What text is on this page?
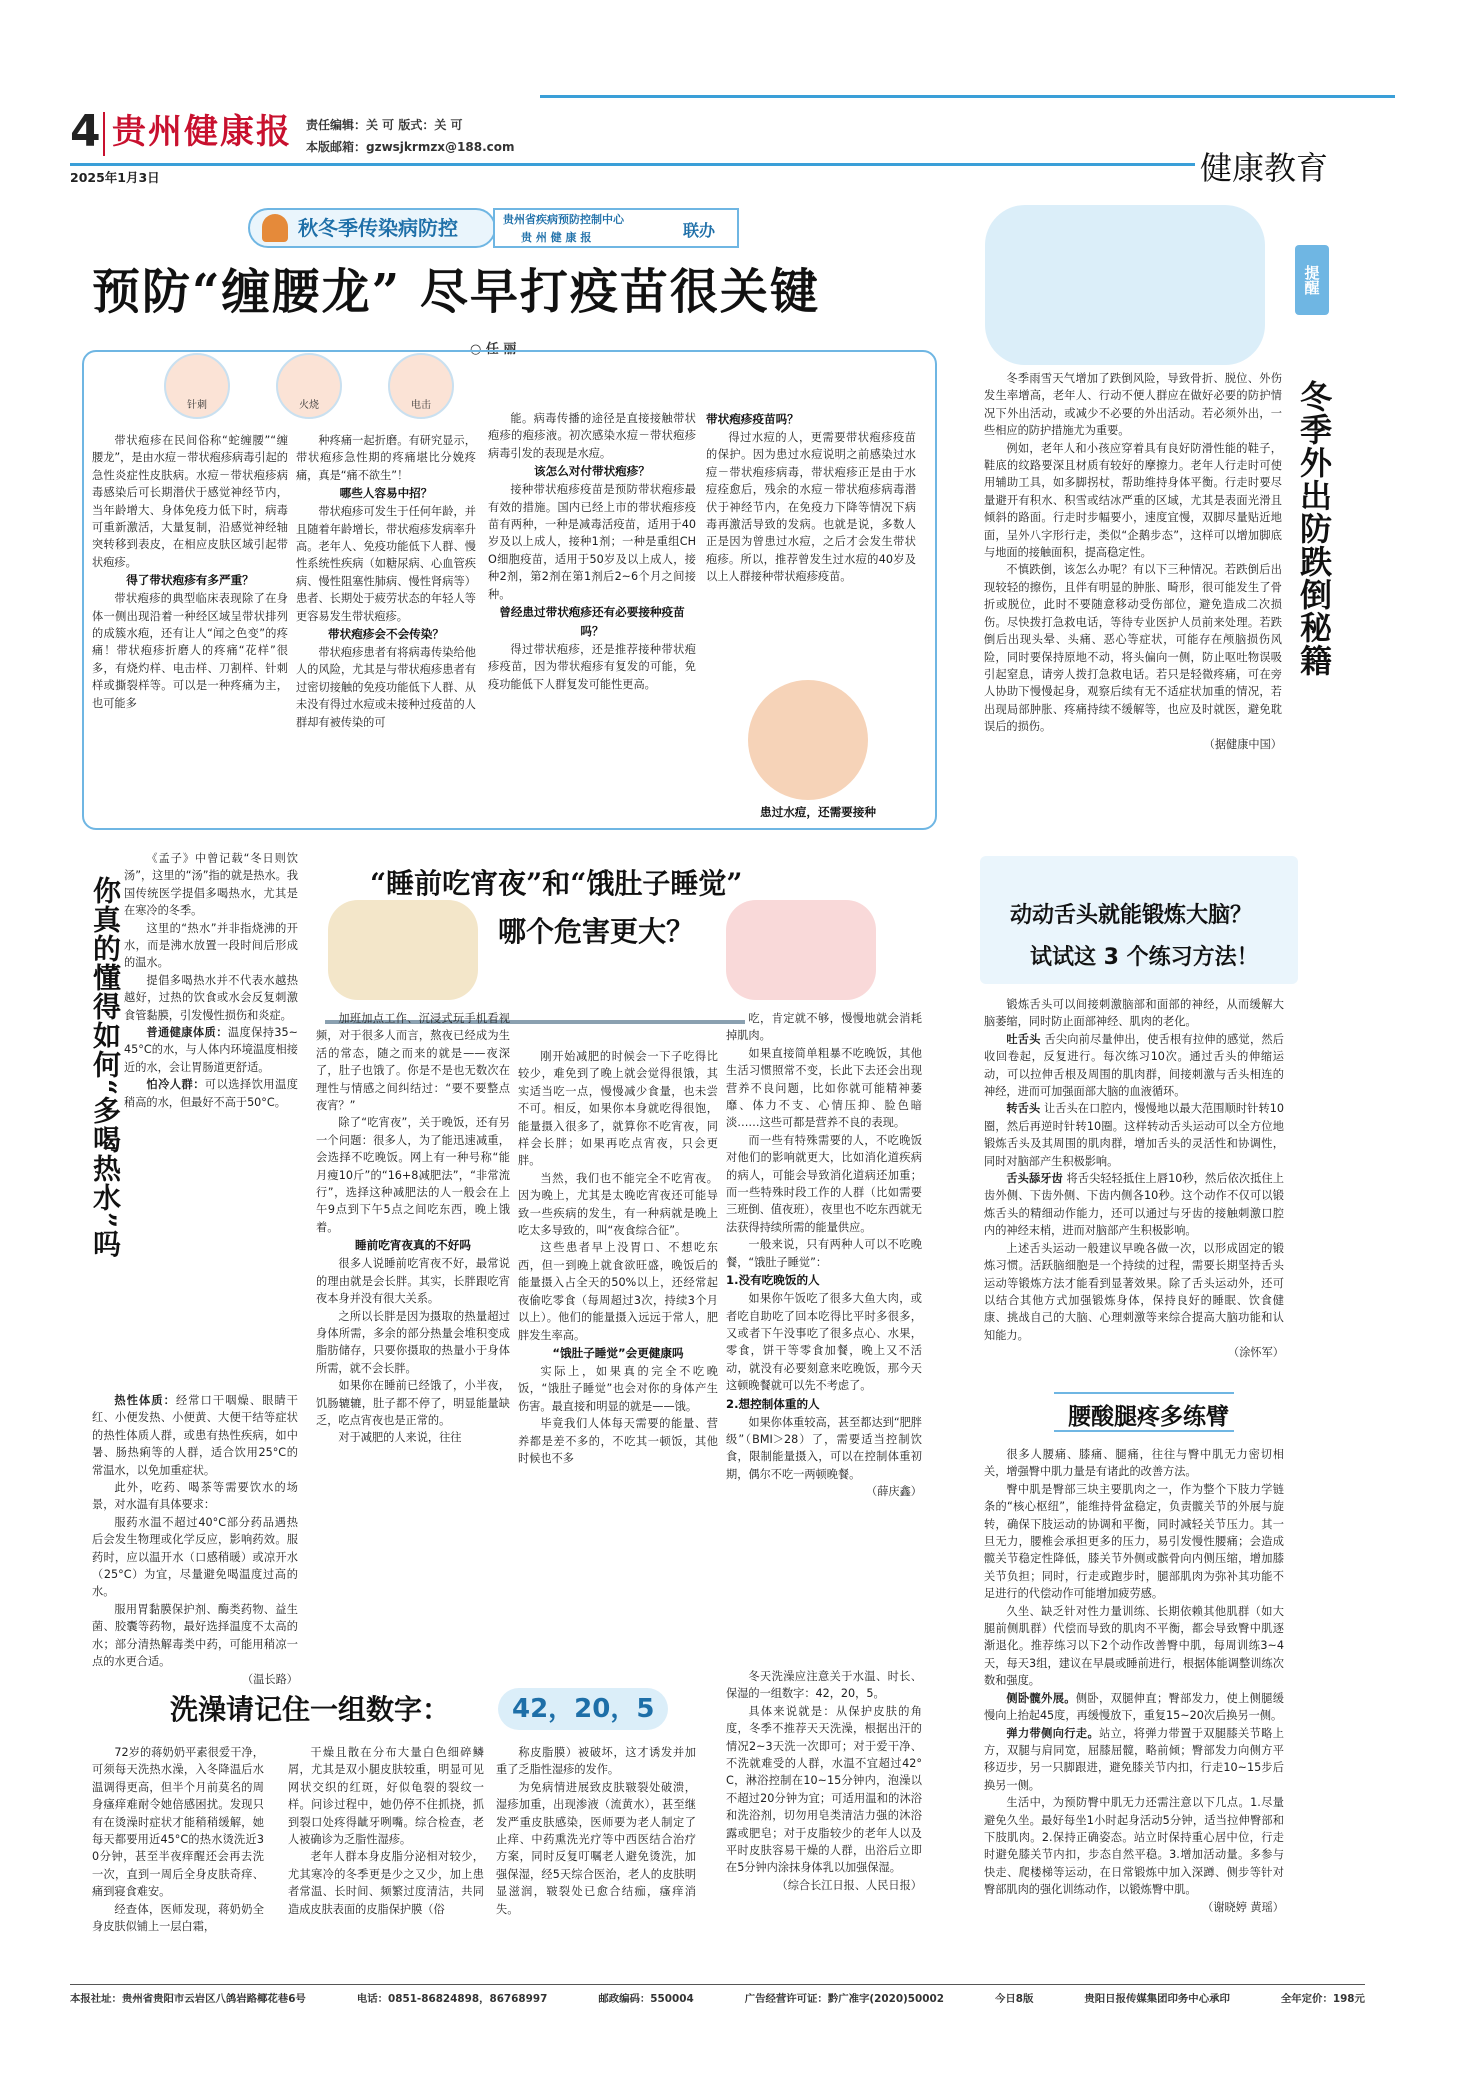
4 贵州健康报 责任编辑：关 可 版式：关 可
本版邮箱：gzwsjkrmzx@188.com
2025年1月3日	健康教育
秋冬季传染病防控	贵州省疾病预防控制中心
贵 州 健 康 报	联办
预防“缠腰龙” 尽早打疫苗很关键
○ 任 丽
针刺	火烧	电击

带状疱疹在民间俗称“蛇缠腰”“缠腰龙”，是由水痘－带状疱疹病毒引起的急性炎症性皮肤病。水痘－带状疱疹病毒感染后可长期潜伏于感觉神经节内，当年龄增大、身体免疫力低下时，病毒可重新激活，大量复制，沿感觉神经轴突转移到表皮，在相应皮肤区域引起带状疱疹。

得了带状疱疹有多严重？

带状疱疹的典型临床表现除了在身体一侧出现沿着一种经区域呈带状排列的成簇水疱，还有让人“闻之色变”的疼痛！带状疱疹折磨人的疼痛“花样”很多，有烧灼样、电击样、刀割样、针刺样或撕裂样等。可以是一种疼痛为主，也可能多

种疼痛一起折磨。有研究显示，带状疱疹急性期的疼痛堪比分娩疼痛，真是“痛不欲生”！

哪些人容易中招？

带状疱疹可发生于任何年龄，并且随着年龄增长，带状疱疹发病率升高。老年人、免疫功能低下人群、慢性系统性疾病（如糖尿病、心血管疾病、慢性阻塞性肺病、慢性肾病等）患者、长期处于疲劳状态的年轻人等更容易发生带状疱疹。

带状疱疹会不会传染？

带状疱疹患者有将病毒传染给他人的风险，尤其是与带状疱疹患者有过密切接触的免疫功能低下人群、从未没有得过水痘或未接种过疫苗的人群却有被传染的可

能。病毒传播的途径是直接接触带状疱疹的疱疹液。初次感染水痘－带状疱疹病毒引发的表现是水痘。

该怎么对付带状疱疹？

接种带状疱疹疫苗是预防带状疱疹最有效的措施。国内已经上市的带状疱疹疫苗有两种，一种是减毒活疫苗，适用于40岁及以上成人，接种1剂；一种是重组CHO细胞疫苗，适用于50岁及以上成人，接种2剂，第2剂在第1剂后2~6个月之间接种。

曾经患过带状疱疹还有必要接种疫苗吗？

得过带状疱疹，还是推荐接种带状疱疹疫苗，因为带状疱疹有复发的可能，免疫功能低下人群复发可能性更高。

带状疱疹疫苗吗？

得过水痘的人，更需要带状疱疹疫苗的保护。因为患过水痘说明之前感染过水痘－带状疱疹病毒，带状疱疹正是由于水痘痊愈后，残余的水痘－带状疱疹病毒潜伏于神经节内，在免疫力下降等情况下病毒再激活导致的发病。也就是说，多数人正是因为曾患过水痘，之后才会发生带状疱疹。所以，推荐曾发生过水痘的40岁及以上人群接种带状疱疹疫苗。

患过水痘，还需要接种
提醒
冬季外出防跌倒秘籍

冬季雨雪天气增加了跌倒风险，导致骨折、脱位、外伤发生率增高，老年人、行动不便人群应在做好必要的防护情况下外出活动，或减少不必要的外出活动。若必须外出，一些相应的防护措施尤为重要。

例如，老年人和小孩应穿着具有良好防滑性能的鞋子，鞋底的纹路要深且材质有较好的摩擦力。老年人行走时可使用辅助工具，如多脚拐杖，帮助维持身体平衡。行走时要尽量避开有积水、积雪或结冰严重的区域，尤其是表面光滑且倾斜的路面。行走时步幅要小，速度宜慢，双脚尽量贴近地面，呈外八字形行走，类似“企鹅步态”，这样可以增加脚底与地面的接触面积，提高稳定性。

不慎跌倒，该怎么办呢？有以下三种情况。若跌倒后出现较轻的擦伤，且伴有明显的肿胀、畸形，很可能发生了骨折或脱位，此时不要随意移动受伤部位，避免造成二次损伤。尽快拨打急救电话，等待专业医护人员前来处理。若跌倒后出现头晕、头痛、恶心等症状，可能存在颅脑损伤风险，同时要保持原地不动，将头偏向一侧，防止呕吐物误吸引起窒息，请旁人拨打急救电话。若只是轻微疼痛，可在旁人协助下慢慢起身，观察后续有无不适症状加重的情况，若出现局部肿胀、疼痛持续不缓解等，也应及时就医，避免耽误后的损伤。

（据健康中国）

你真的懂得如何“多喝热水”吗

《孟子》中曾记载“冬日则饮汤”，这里的“汤”指的就是热水。我国传统医学提倡多喝热水，尤其是在寒冷的冬季。

这里的“热水”并非指烧沸的开水，而是沸水放置一段时间后形成的温水。

提倡多喝热水并不代表水越热越好，过热的饮食或水会反复刺激食管黏膜，引发慢性损伤和炎症。

普通健康体质：温度保持35~45°C的水，与人体内环境温度相接近的水，会让胃肠道更舒适。

怕冷人群：可以选择饮用温度稍高的水，但最好不高于50°C。

热性体质：经常口干咽燥、眼睛干红、小便发热、小便黄、大便干结等症状的热性体质人群，或患有热性疾病，如中暑、肠热痢等的人群，适合饮用25°C的常温水，以免加重症状。

此外，吃药、喝茶等需要饮水的场景，对水温有具体要求：

服药水温不超过40°C部分药品遇热后会发生物理或化学反应，影响药效。服药时，应以温开水（口感稍暖）或凉开水（25°C）为宜，尽量避免喝温度过高的水。

服用胃黏膜保护剂、酶类药物、益生菌、胶囊等药物，最好选择温度不太高的水；部分清热解毒类中药，可能用稍凉一点的水更合适。

（温长路）

“睡前吃宵夜”和“饿肚子睡觉”
哪个危害更大？

加班加点工作、沉浸式玩手机看视频，对于很多人而言，熬夜已经成为生活的常态，随之而来的就是——夜深了，肚子也饿了。你是不是也无数次在理性与情感之间纠结过：“要不要整点夜宵？”

除了“吃宵夜”，关于晚饭，还有另一个问题：很多人，为了能迅速减重，会选择不吃晚饭。网上有一种号称“能月瘦10斤”的“16+8减肥法”，“非常流行”，选择这种减肥法的人一般会在上午9点到下午5点之间吃东西，晚上饿着。

睡前吃宵夜真的不好吗

很多人说睡前吃宵夜不好，最常说的理由就是会长胖。其实，长胖跟吃宵夜本身并没有很大关系。

之所以长胖是因为摄取的热量超过身体所需，多余的部分热量会堆积变成脂肪储存，只要你摄取的热量小于身体所需，就不会长胖。

如果你在睡前已经饿了，小半夜，饥肠辘辘，肚子都不停了，明显能量缺乏，吃点宵夜也是正常的。

对于减肥的人来说，往往

刚开始减肥的时候会一下子吃得比较少，难免到了晚上就会觉得很饿，其实适当吃一点，慢慢减少食量，也未尝不可。相反，如果你本身就吃得很饱，能量摄入很多了，就算你不吃宵夜，同样会长胖；如果再吃点宵夜，只会更胖。

当然，我们也不能完全不吃宵夜。因为晚上，尤其是太晚吃宵夜还可能导致一些疾病的发生，有一种病就是晚上吃太多导致的，叫“夜食综合征”。

这些患者早上没胃口、不想吃东西，但一到晚上就食欲旺盛，晚饭后的能量摄入占全天的50%以上，还经常起夜偷吃零食（每周超过3次，持续3个月以上）。他们的能量摄入远远于常人，肥胖发生率高。

“饿肚子睡觉”会更健康吗

实际上，如果真的完全不吃晚饭，“饿肚子睡觉”也会对你的身体产生伤害。最直接和明显的就是——饿。

毕竟我们人体每天需要的能量、营养都是差不多的，不吃其一顿饭，其他时候也不多

吃，肯定就不够，慢慢地就会消耗掉肌肉。

如果直接简单粗暴不吃晚饭，其他生活习惯照常不变，长此下去还会出现营养不良问题，比如你就可能精神萎靡、体力不支、心情压抑、脸色暗淡……这些可都是营养不良的表现。

而一些有特殊需要的人，不吃晚饭对他们的影响就更大，比如消化道疾病的病人，可能会导致消化道病还加重；而一些特殊时段工作的人群（比如需要三班倒、值夜班），夜里也不吃东西就无法获得持续所需的能量供应。

一般来说，只有两种人可以不吃晚餐，“饿肚子睡觉”：

1.没有吃晚饭的人

如果你午饭吃了很多大鱼大肉，或者吃自助吃了回本吃得比平时多很多，又或者下午没事吃了很多点心、水果，零食，饼干等零食加餐，晚上又不活动，就没有必要刻意来吃晚饭，那今天这顿晚餐就可以先不考虑了。

2.想控制体重的人

如果你体重较高，甚至都达到“肥胖级”（BMI＞28）了，需要适当控制饮食，限制能量摄入，可以在控制体重初期，偶尔不吃一两顿晚餐。

（薛庆鑫）

动动舌头就能锻炼大脑？
试试这 3 个练习方法！

锻炼舌头可以间接刺激脑部和面部的神经，从而缓解大脑萎缩，同时防止面部神经、肌肉的老化。

吐舌头 舌尖向前尽量伸出，使舌根有拉伸的感觉，然后收回卷起，反复进行。每次练习10次。通过舌头的伸缩运动，可以拉伸舌根及周围的肌肉群，间接刺激与舌头相连的神经，进而可加强面部大脑的血液循环。

转舌头 让舌头在口腔内，慢慢地以最大范围顺时针转10圈，然后再逆时针转10圈。这样转动舌头运动可以全方位地锻炼舌头及其周围的肌肉群，增加舌头的灵活性和协调性，同时对脑部产生积极影响。

舌头舔牙齿 将舌尖轻轻抵住上唇10秒，然后依次抵住上齿外侧、下齿外侧、下齿内侧各10秒。这个动作不仅可以锻炼舌头的精细动作能力，还可以通过与牙齿的接触刺激口腔内的神经末梢，进而对脑部产生积极影响。

上述舌头运动一般建议早晚各做一次，以形成固定的锻炼习惯。活跃脑细胞是一个持续的过程，需要长期坚持舌头运动等锻炼方法才能看到显著效果。除了舌头运动外，还可以结合其他方式加强锻炼身体，保持良好的睡眠、饮食健康、挑战自己的大脑、心理刺激等来综合提高大脑功能和认知能力。

（涂怀军）

腰酸腿疼多练臂

很多人腰痛、膝痛、腿痛，往往与臀中肌无力密切相关，增强臀中肌力量是有诸此的改善方法。

臀中肌是臀部三块主要肌肉之一，作为整个下肢力学链条的“核心枢纽”，能维持骨盆稳定，负责髋关节的外展与旋转，确保下肢运动的协调和平衡，同时减轻关节压力。其一旦无力，腰椎会承担更多的压力，易引发慢性腰痛；会造成髋关节稳定性降低，膝关节外侧或髌骨向内侧压缩，增加膝关节负担；同时，行走或跑步时，腿部肌肉为弥补其功能不足进行的代偿动作可能增加疲劳感。

久坐、缺乏针对性力量训练、长期依赖其他肌群（如大腿前侧肌群）代偿而导致的肌肉不平衡，都会导致臀中肌逐渐退化。推荐练习以下2个动作改善臀中肌，每周训练3~4天，每天3组，建议在早晨或睡前进行，根据体能调整训练次数和强度。

侧卧髋外展。侧卧，双腿伸直；臀部发力，使上侧腿缓慢向上抬起45度，再缓慢放下，重复15~20次后换另一侧。

弹力带侧向行走。站立，将弹力带置于双腿膝关节略上方，双腿与肩同宽，屈膝屈髋，略前倾；臀部发力向侧方平移迈步，另一只脚跟进，避免膝关节内扣，行走10~15步后换另一侧。

生活中，为预防臀中肌无力还需注意以下几点。1.尽量避免久坐。最好每坐1小时起身活动5分钟，适当拉伸臀部和下肢肌肉。2.保持正确姿态。站立时保持重心居中位，行走时避免膝关节内扣，步态自然平稳。3.增加活动量。多参与快走、爬楼梯等运动，在日常锻炼中加入深蹲、侧步等针对臀部肌肉的强化训练动作，以锻炼臀中肌。

（谢晓婷 黄瑶）

洗澡请记住一组数字：	42，20，5

72岁的蒋奶奶平素很爱干净，可须每天洗热水澡，入冬降温后水温调得更高，但半个月前莫名的周身瘙痒难耐令她倍感困扰。发现只有在烫澡时症状才能稍稍缓解，她每天都要用近45°C的热水烫洗近30分钟，甚至半夜痒醒还会再去洗一次，直到一周后全身皮肤奇痒、痛到寝食难安。

经查体，医师发现，蒋奶奶全身皮肤似铺上一层白霜，

干燥且散在分布大量白色细碎鳞屑，尤其是双小腿皮肤较重，明显可见网状交织的红斑，好似龟裂的裂纹一样。问诊过程中，她仍停不住抓挠，抓到裂口处疼得龇牙咧嘴。综合检查，老人被确诊为乏脂性湿疹。

老年人群本身皮脂分泌相对较少，尤其寒冷的冬季更是少之又少，加上患者常温、长时间、频繁过度清洁，共同造成皮肤表面的皮脂保护膜（俗

称皮脂膜）被破坏，这才诱发并加重了乏脂性湿疹的发作。

为免病情进展致皮肤皲裂处破溃，湿疹加重，出现渗液（流黄水），甚至继发严重皮肤感染，医师要为老人制定了止痒、中药熏洗光疗等中西医结合治疗方案，同时反复叮嘱老人避免烫洗，加强保湿，经5天综合医治，老人的皮肤明显滋润，皲裂处已愈合结痂，瘙痒消失。

冬天洗澡应注意关于水温、时长、保湿的一组数字：42，20，5。

具体来说就是：从保护皮肤的角度，冬季不推荐天天洗澡，根据出汗的情况2~3天洗一次即可；对于爱干净、不洗就难受的人群，水温不宜超过42°C，淋浴控制在10~15分钟内，泡澡以不超过20分钟为宜；可适用温和的沐浴和洗浴剂，切勿用皂类清洁力强的沐浴露或肥皂；对于皮脂较少的老年人以及平时皮肤容易干燥的人群，出浴后立即在5分钟内涂抹身体乳以加强保湿。

（综合长江日报、人民日报）

本报社址：贵州省贵阳市云岩区八鸽岩路椰花巷6号	电话：0851-86824898，86768997	邮政编码：550004	广告经营许可证：黔广准字(2020)50002	今日8版	贵阳日报传媒集团印务中心承印	全年定价：198元
